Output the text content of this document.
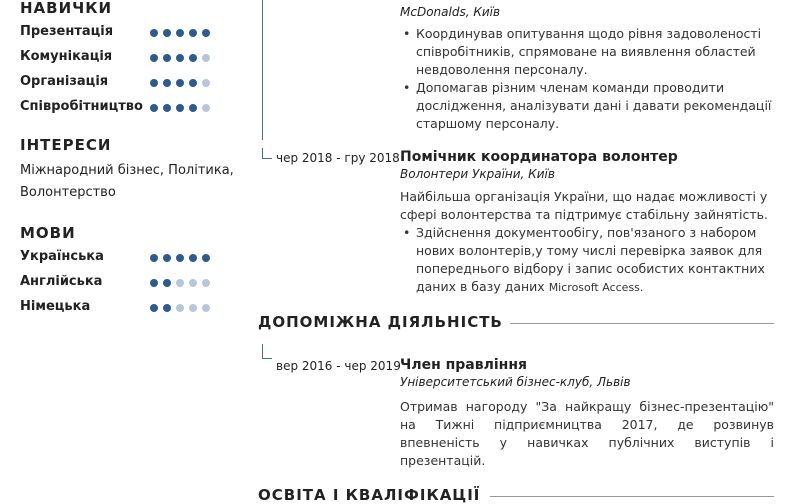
НАВИЧКИ
Презентація
Комунікація
Організація
Співробітництво
ІНТЕРЕСИ
Міжнародний бізнес, Політика, Волонтерство
МОВИ
Українська
Англійська
Німецька
McDonalds, Київ
• Координував опитування щодо рівня задоволеності співробітників, спрямоване на виявлення областей невдоволення персоналу.
• Допомагав різним членам команди проводити дослідження, аналізувати дані і давати рекомендації старшому персоналу.
чер 2018 - гру 2018 Помічник координатора волонтер
Волонтери України, Київ
Найбільша організація України, що надає можливості у сфері волонтерства та підтримує стабільну зайнятість.
• Здійснення документообігу, пов'язаного з набором нових волонтерів,у тому числі перевірка заявок для попереднього відбору і запис особистих контактних даних в базу даних Microsoft Access.
ДОПОМІЖНА ДІЯЛЬНІСТЬ
вер 2016 - чер 2019 Член правління
Університетський бізнес-клуб, Львів
Отримав нагороду "За найкращу бізнес-презентацію" на Тижні підприємництва 2017, де розвинув впевненість у навичках публічних виступів і презентацій.
ОСВІТА І КВАЛІФІКАЦІЇ
